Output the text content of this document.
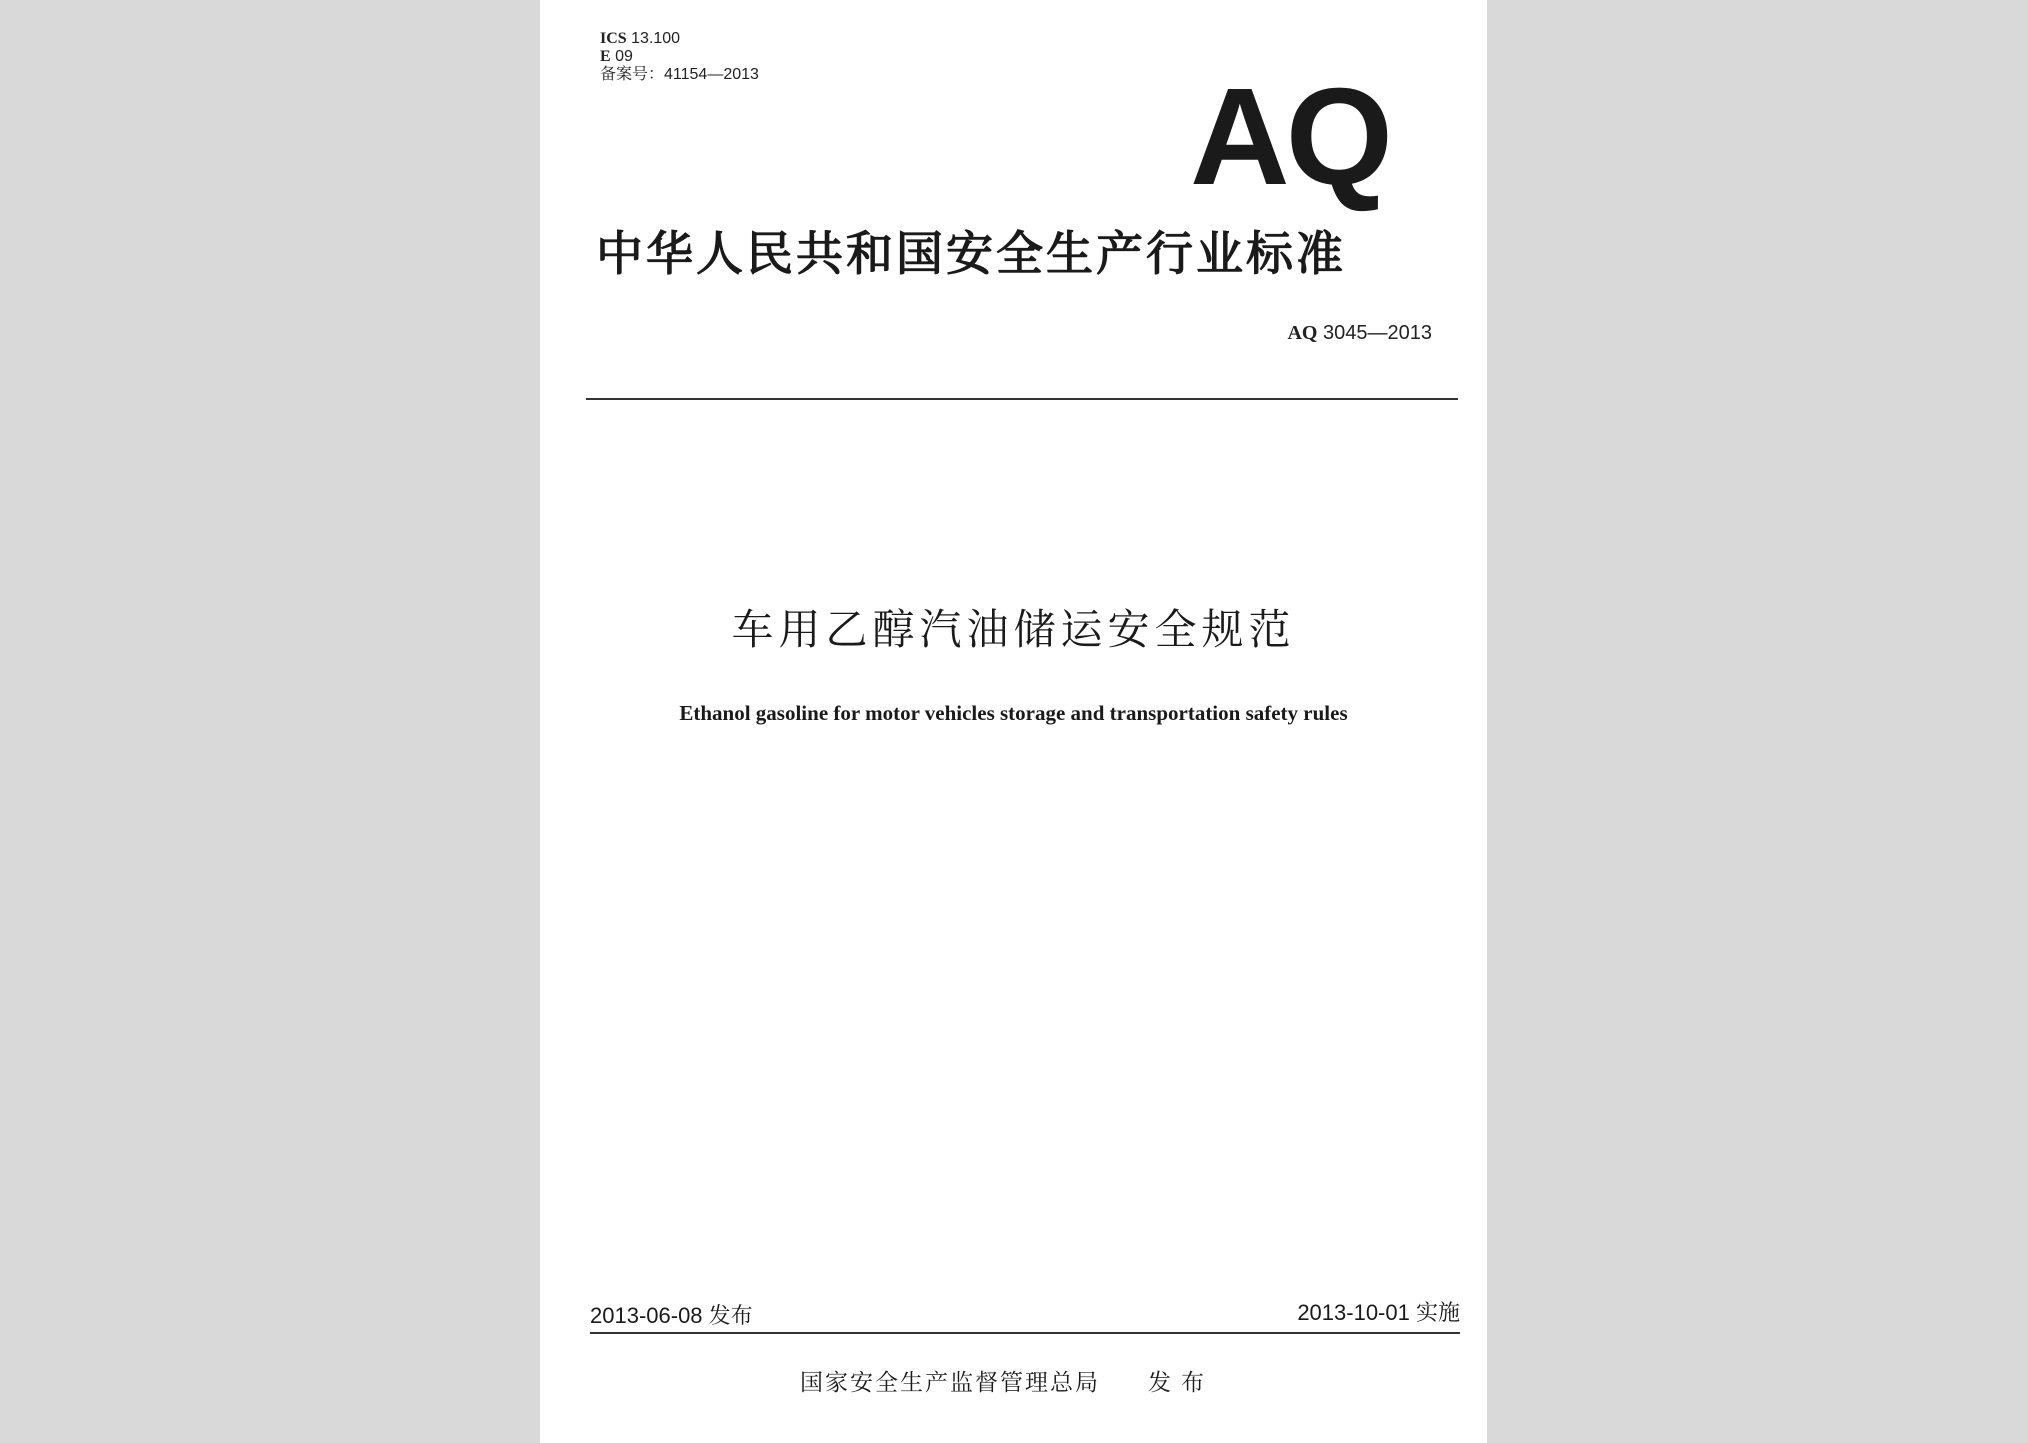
ICS 13.100
E 09
备案号：41154—2013	AQ
中华人民共和国安全生产行业标准
AQ 3045—2013
车用乙醇汽油储运安全规范
Ethanol gasoline for motor vehicles storage and transportation safety rules
2013-06-08 发布	2013-10-01 实施
国家安全生产监督管理总局 发布
